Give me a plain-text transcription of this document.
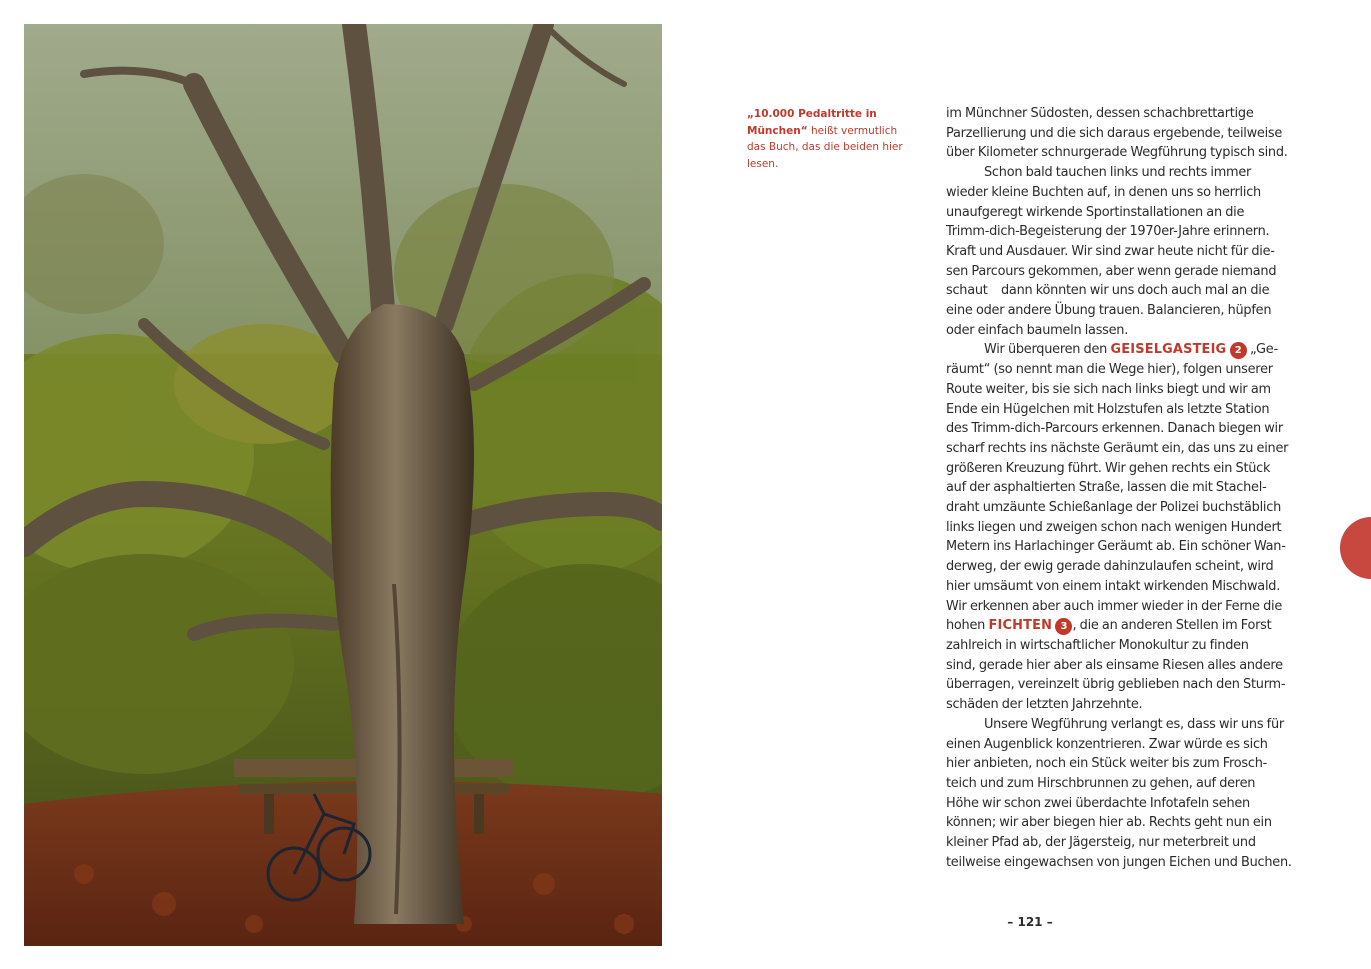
„10.000 Pedaltritte in München“ heißt vermutlich das Buch, das die beiden hier lesen.

im Münchner Südosten, dessen schachbrettartige
Parzellierung und die sich daraus ergebende, teilweise
über Kilometer schnurgerade Wegführung typisch sind.

Schon bald tauchen links und rechts immer
wieder kleine Buchten auf, in denen uns so herrlich
unaufgeregt wirkende Sportinstallationen an die
Trimm-dich-Begeisterung der 1970er-Jahre erinnern.
Kraft und Ausdauer. Wir sind zwar heute nicht für die-
sen Parcours gekommen, aber wenn gerade niemand
schaut    dann könnten wir uns doch auch mal an die
eine oder andere Übung trauen. Balancieren, hüpfen
oder einfach baumeln lassen.

Wir überqueren den GEISELGASTEIG 2 „Ge-
räumt“ (so nennt man die Wege hier), folgen unserer
Route weiter, bis sie sich nach links biegt und wir am
Ende ein Hügelchen mit Holzstufen als letzte Station
des Trimm-dich-Parcours erkennen. Danach biegen wir
scharf rechts ins nächste Geräumt ein, das uns zu einer
größeren Kreuzung führt. Wir gehen rechts ein Stück
auf der asphaltierten Straße, lassen die mit Stachel-
draht umzäunte Schießanlage der Polizei buchstäblich
links liegen und zweigen schon nach wenigen Hundert
Metern ins Harlachinger Geräumt ab. Ein schöner Wan-
derweg, der ewig gerade dahinzulaufen scheint, wird
hier umsäumt von einem intakt wirkenden Mischwald.
Wir erkennen aber auch immer wieder in der Ferne die
hohen FICHTEN 3 , die an anderen Stellen im Forst
zahlreich in wirtschaftlicher Monokultur zu finden
sind, gerade hier aber als einsame Riesen alles andere
überragen, vereinzelt übrig geblieben nach den Sturm-
schäden der letzten Jahrzehnte.

Unsere Wegführung verlangt es, dass wir uns für
einen Augenblick konzentrieren. Zwar würde es sich
hier anbieten, noch ein Stück weiter bis zum Frosch-
teich und zum Hirschbrunnen zu gehen, auf deren
Höhe wir schon zwei überdachte Infotafeln sehen
können; wir aber biegen hier ab. Rechts geht nun ein
kleiner Pfad ab, der Jägersteig, nur meterbreit und
teilweise eingewachsen von jungen Eichen und Buchen.

– 121 –
